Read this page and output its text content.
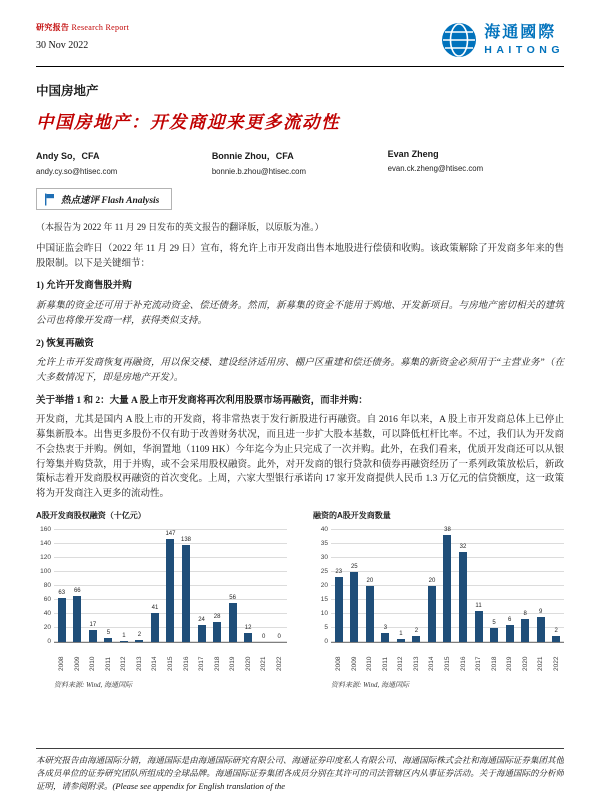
研究报告 Research Report
30 Nov 2022
海通國際
HAITONG
中国房地产
中国房地产：开发商迎来更多流动性
Andy So，CFA
andy.cy.so@htisec.com
Bonnie Zhou，CFA
bonnie.b.zhou@htisec.com
Evan Zheng
evan.ck.zheng@htisec.com
热点速评 Flash Analysis

（本报告为 2022 年 11 月 29 日发布的英文报告的翻译版，以原版为准。）

中国证监会昨日（2022 年 11 月 29 日）宣布，将允许上市开发商出售本地股进行偿债和收购。该政策解除了开发商多年来的售股限制。以下是关键细节：

1) 允许开发商售股并购

新募集的资金还可用于补充流动资金、偿还债务。然而，新募集的资金不能用于购地、开发新项目。与房地产密切相关的建筑公司也将像开发商一样，获得类似支持。

2) 恢复再融资

允许上市开发商恢复再融资，用以保交楼、建设经济适用房、棚户区重建和偿还债务。募集的新资金必须用于“主营业务”（在大多数情况下，即是房地产开发）。

关于举措 1 和 2：大量 A 股上市开发商将再次利用股票市场再融资，而非并购：

开发商，尤其是国内 A 股上市的开发商，将非常热衷于发行新股进行再融资。自 2016 年以来，A 股上市开发商总体上已停止募集新股本。出售更多股份不仅有助于改善财务状况，而且进一步扩大股本基数，可以降低杠杆比率。不过，我们认为开发商不会热衷于并购。例如，华润置地（1109 HK）今年迄今为止只完成了一次并购。此外，在我们看来，优质开发商还可以从银行筹集并购贷款，用于并购，或不会采用股权融资。此外，对开发商的银行贷款和债券再融资经历了一系列政策放松后，新政策标志着开发商股权再融资的首次变化。上周，六家大型银行承诺向 17 家开发商提供人民币 1.3 万亿元的信贷额度，这一政策将为开发商注入更多的流动性。

A股开发商股权融资（十亿元）
0
20
40
60
80
100
120
140
160
63 66
17
5 1 2
41
147
138
24 28
56
12
0 0
2008 2009 2010 2011 2012 2013 2014 2015 2016 2017 2018 2019 2020 2021 2022
资料来源: Wind, 海通国际
融资的A股开发商数量
0
5
10
15
20
25
30
35
40
23
25
20
3
1 2
20
38
32
11
5 6
8 9
2
2008 2009 2010 2011 2012 2013 2014 2015 2016 2017 2018 2019 2020 2021 2022
资料来源: Wind, 海通国际
本研究报告由海通国际分销，海通国际是由海通国际研究有限公司、海通证券印度私人有限公司、海通国际株式会社和海通国际证券集团其他各成员单位的证券研究团队所组成的全球品牌。海通国际证券集团各成员分别在其许可的司法管辖区内从事证券活动。关于海通国际的分析师证明，请参阅附录。(Please see appendix for English translation of the
